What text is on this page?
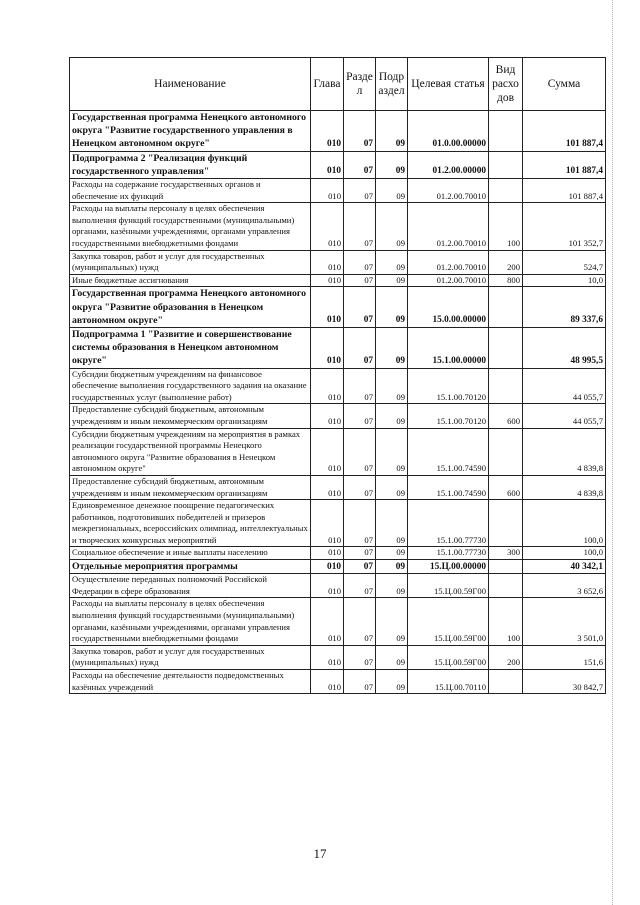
Наименование	Глава	Разде л	Подр аздел	Целевая статья	Вид расхо дов	Сумма
Государственная программа Ненецкого автономного округа "Развитие государственного управления в Ненецком автономном округе"	010	07	09	01.0.00.00000		101 887,4
Подпрограмма 2 "Реализация функций государственного управления"	010	07	09	01.2.00.00000		101 887,4
Расходы на содержание государственных органов и обеспечение их функций	010	07	09	01.2.00.70010		101 887,4
Расходы на выплаты персоналу в целях обеспечения выполнения функций государственными (муниципальными) органами, казёнными учреждениями, органами управления государственными внебюджетными фондами	010	07	09	01.2.00.70010	100	101 352,7
Закупка товаров, работ и услуг для государственных (муниципальных) нужд	010	07	09	01.2.00.70010	200	524,7
Иные бюджетные ассигнования	010	07	09	01.2.00.70010	800	10,0
Государственная программа Ненецкого автономного округа "Развитие образования в Ненецком автономном округе"	010	07	09	15.0.00.00000		89 337,6
Подпрограмма 1 "Развитие и совершенствование системы образования в Ненецком автономном округе"	010	07	09	15.1.00.00000		48 995,5
Субсидии бюджетным учреждениям на финансовое обеспечение выполнения государственного задания на оказание государственных услуг (выполнение работ)	010	07	09	15.1.00.70120		44 055,7
Предоставление субсидий бюджетным, автономным учреждениям и иным некоммерческим организациям	010	07	09	15.1.00.70120	600	44 055,7
Субсидии бюджетным учреждениям на мероприятия в рамках реализации государственной программы Ненецкого автономного округа "Развитие образования в Ненецком автономном округе"	010	07	09	15.1.00.74590		4 839,8
Предоставление субсидий бюджетным, автономным учреждениям и иным некоммерческим организациям	010	07	09	15.1.00.74590	600	4 839,8
Единовременное денежное поощрение педагогических работников, подготовивших победителей и призеров межрегиональных, всероссийских олимпиад, интеллектуальных и творческих конкурсных мероприятий	010	07	09	15.1.00.77730		100,0
Социальное обеспечение и иные выплаты населению	010	07	09	15.1.00.77730	300	100,0
Отдельные мероприятия программы	010	07	09	15.Ц.00.00000		40 342,1
Осуществление переданных полномочий Российской Федерации в сфере образования	010	07	09	15.Ц.00.59Г00		3 652,6
Расходы на выплаты персоналу в целях обеспечения выполнения функций государственными (муниципальными) органами, казёнными учреждениями, органами управления государственными внебюджетными фондами	010	07	09	15.Ц.00.59Г00	100	3 501,0
Закупка товаров, работ и услуг для государственных (муниципальных) нужд	010	07	09	15.Ц.00.59Г00	200	151,6
Расходы на обеспечение деятельности подведомственных казённых учреждений	010	07	09	15.Ц.00.70110		30 842,7
17
